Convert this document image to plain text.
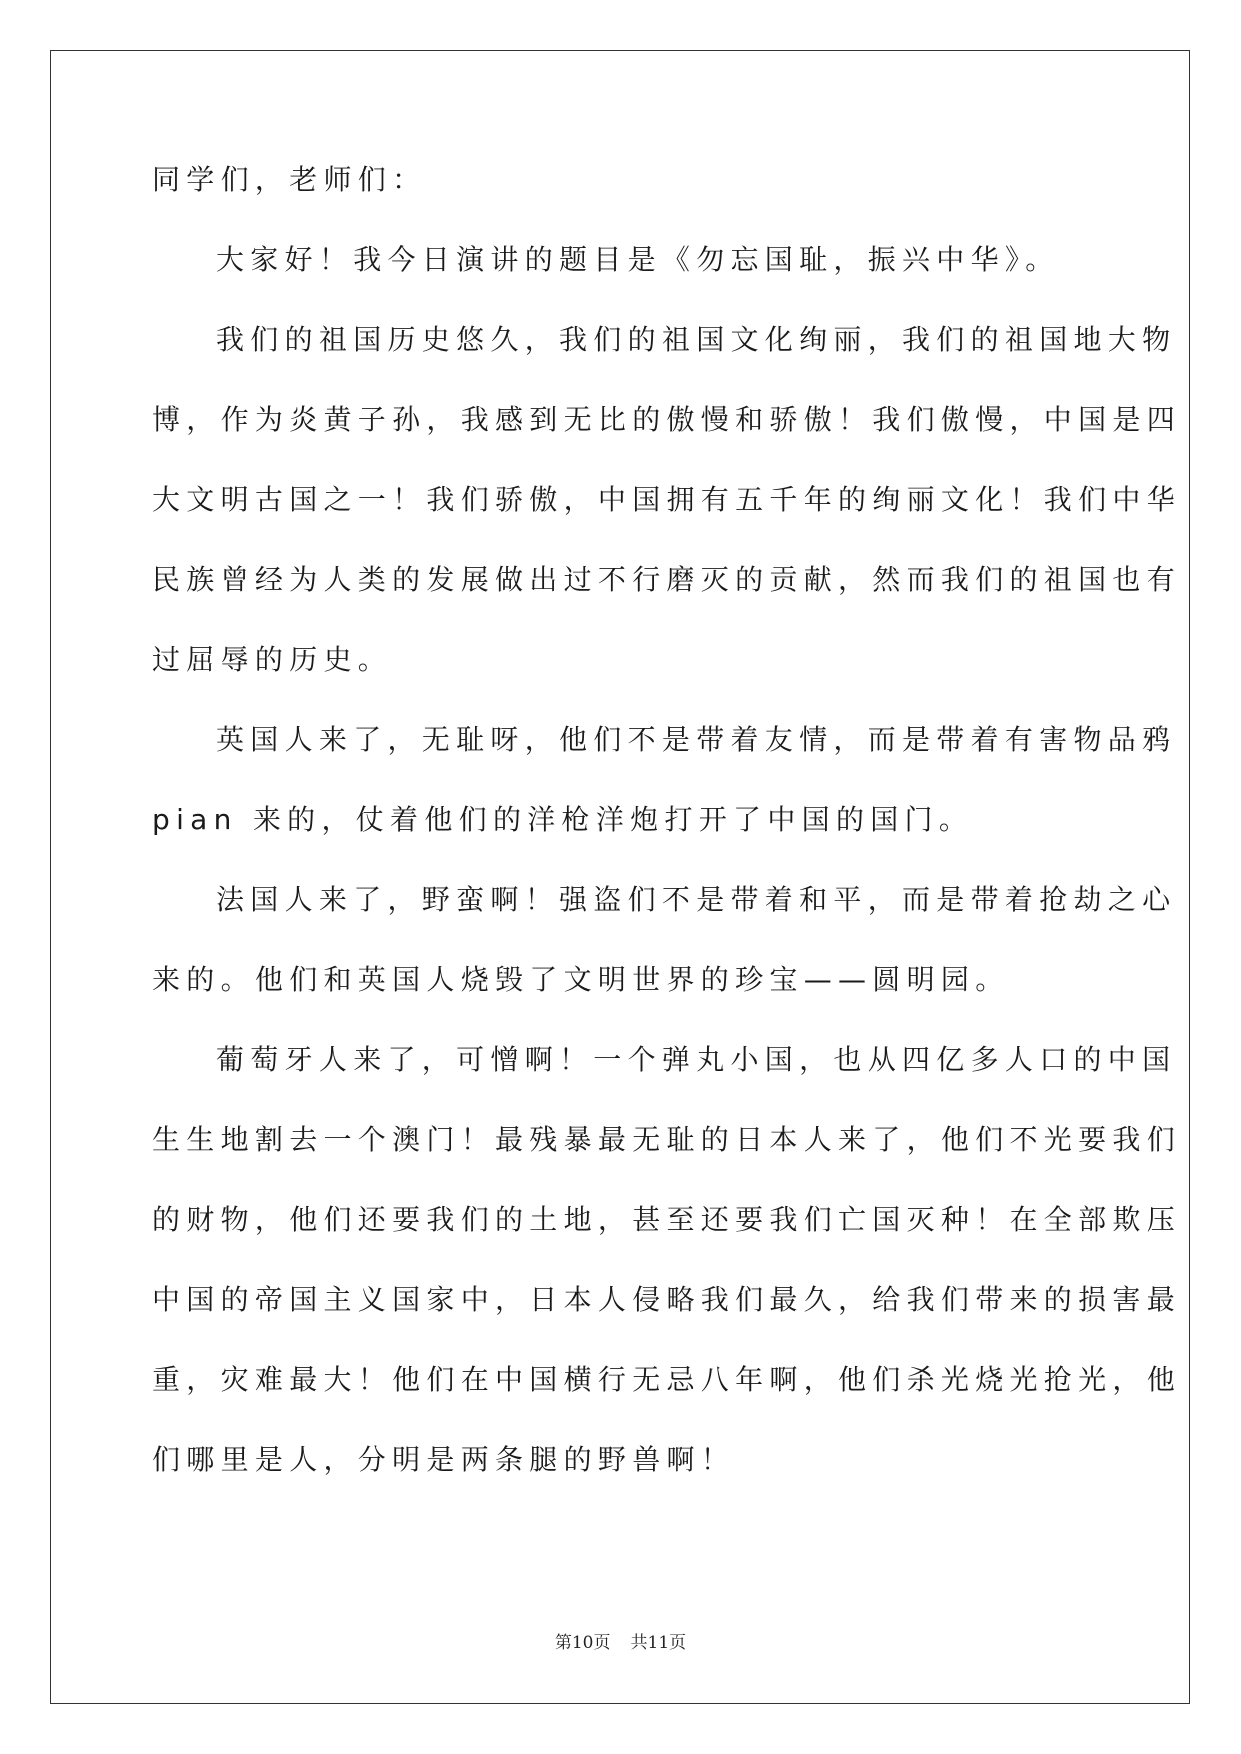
同学们，老师们：
大家好！我今日演讲的题目是《勿忘国耻，振兴中华》。
我们的祖国历史悠久，我们的祖国文化绚丽，我们的祖国地大物
博，作为炎黄子孙，我感到无比的傲慢和骄傲！我们傲慢，中国是四
大文明古国之一！我们骄傲，中国拥有五千年的绚丽文化！我们中华
民族曾经为人类的发展做出过不行磨灭的贡献，然而我们的祖国也有
过屈辱的历史。
英国人来了，无耻呀，他们不是带着友情，而是带着有害物品鸦
pian 来的，仗着他们的洋枪洋炮打开了中国的国门。
法国人来了，野蛮啊！强盗们不是带着和平，而是带着抢劫之心
来的。他们和英国人烧毁了文明世界的珍宝——圆明园。
葡萄牙人来了，可憎啊！一个弹丸小国，也从四亿多人口的中国
生生地割去一个澳门！最残暴最无耻的日本人来了，他们不光要我们
的财物，他们还要我们的土地，甚至还要我们亡国灭种！在全部欺压
中国的帝国主义国家中，日本人侵略我们最久，给我们带来的损害最
重，灾难最大！他们在中国横行无忌八年啊，他们杀光烧光抢光，他
们哪里是人，分明是两条腿的野兽啊！
第10页 共11页
